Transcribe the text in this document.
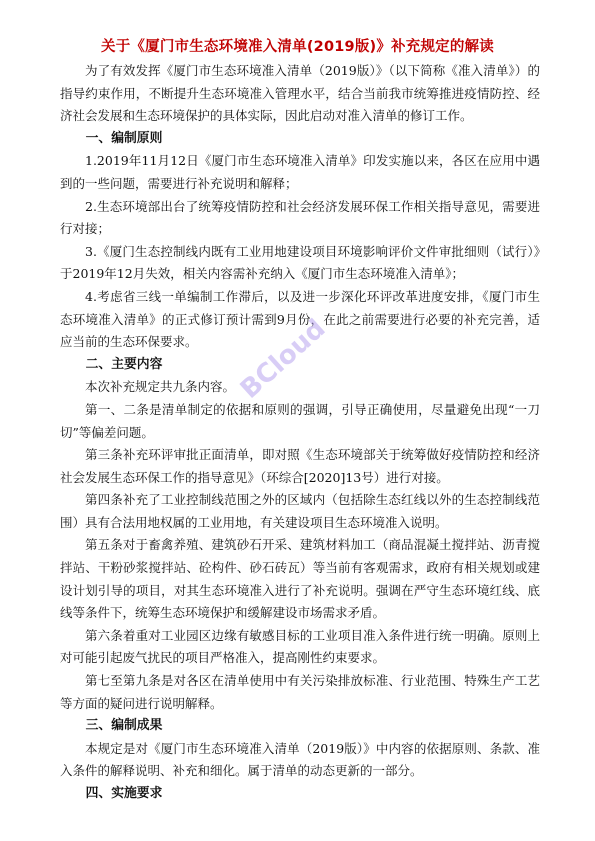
关于《厦门市生态环境准入清单(2019版)》补充规定的解读
为了有效发挥《厦门市生态环境准入清单（2019版）》（以下简称《准入清单》）的指导约束作用，不断提升生态环境准入管理水平，结合当前我市统筹推进疫情防控、经济社会发展和生态环境保护的具体实际，因此启动对准入清单的修订工作。
一、编制原则
1.2019年11月12日《厦门市生态环境准入清单》印发实施以来，各区在应用中遇到的一些问题，需要进行补充说明和解释；
2.生态环境部出台了统筹疫情防控和社会经济发展环保工作相关指导意见，需要进行对接；
3.《厦门生态控制线内既有工业用地建设项目环境影响评价文件审批细则（试行）》于2019年12月失效，相关内容需补充纳入《厦门市生态环境准入清单》；
4.考虑省三线一单编制工作滞后，以及进一步深化环评改革进度安排，《厦门市生态环境准入清单》的正式修订预计需到9月份，在此之前需要进行必要的补充完善，适应当前的生态环保要求。
二、主要内容
本次补充规定共九条内容。
第一、二条是清单制定的依据和原则的强调，引导正确使用，尽量避免出现“一刀切”等偏差问题。
第三条补充环评审批正面清单，即对照《生态环境部关于统筹做好疫情防控和经济社会发展生态环保工作的指导意见》（环综合[2020]13号）进行对接。
第四条补充了工业控制线范围之外的区域内（包括除生态红线以外的生态控制线范围）具有合法用地权属的工业用地，有关建设项目生态环境准入说明。
第五条对于畜禽养殖、建筑砂石开采、建筑材料加工（商品混凝土搅拌站、沥青搅拌站、干粉砂浆搅拌站、砼构件、砂石砖瓦）等当前有客观需求，政府有相关规划或建设计划引导的项目，对其生态环境准入进行了补充说明。强调在严守生态环境红线、底线等条件下，统筹生态环境保护和缓解建设市场需求矛盾。
第六条着重对工业园区边缘有敏感目标的工业项目准入条件进行统一明确。原则上对可能引起废气扰民的项目严格准入，提高刚性约束要求。
第七至第九条是对各区在清单使用中有关污染排放标准、行业范围、特殊生产工艺等方面的疑问进行说明解释。
三、编制成果
本规定是对《厦门市生态环境准入清单（2019版）》中内容的依据原则、条款、准入条件的解释说明、补充和细化。属于清单的动态更新的一部分。
四、实施要求
BCloud
